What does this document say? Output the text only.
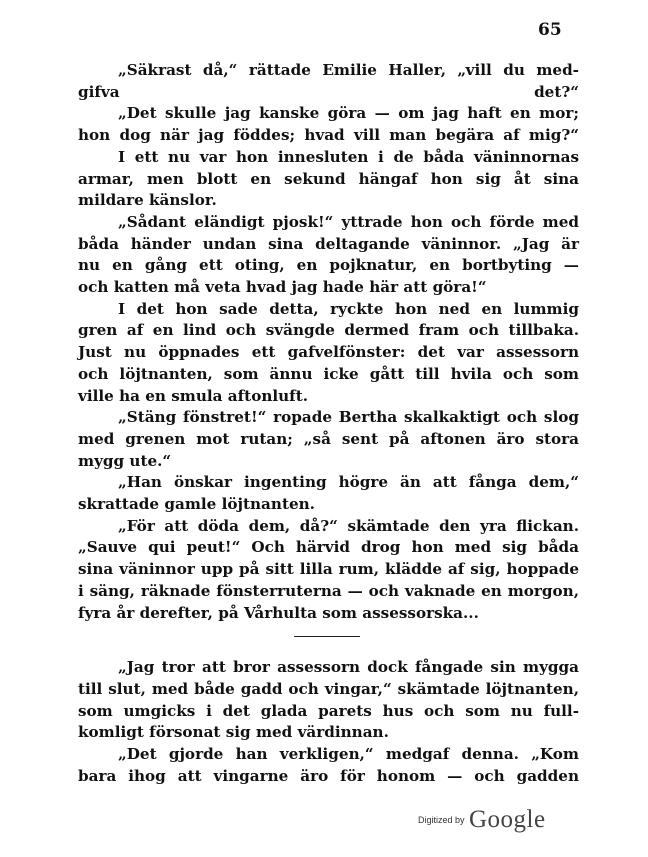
65
„Säkrast då,“ rättade Emilie Haller, „vill du med-
gifva det?“
„Det skulle jag kanske göra — om jag haft en mor;
hon dog när jag föddes; hvad vill man begära af mig?“
I ett nu var hon innesluten i de båda väninnornas
armar, men blott en sekund hängaf hon sig åt sina
mildare känslor.
„Sådant eländigt pjosk!“ yttrade hon och förde med
båda händer undan sina deltagande väninnor. „Jag är
nu en gång ett oting, en pojknatur, en bortbyting —
och katten må veta hvad jag hade här att göra!“
I det hon sade detta, ryckte hon ned en lummig
gren af en lind och svängde dermed fram och tillbaka.
Just nu öppnades ett gafvelfönster: det var assessorn
och löjtnanten, som ännu icke gått till hvila och som
ville ha en smula aftonluft.
„Stäng fönstret!“ ropade Bertha skalkaktigt och slog
med grenen mot rutan; „så sent på aftonen äro stora
mygg ute.“
„Han önskar ingenting högre än att fånga dem,“
skrattade gamle löjtnanten.
„För att döda dem, då?“ skämtade den yra flickan.
„Sauve qui peut!“ Och härvid drog hon med sig båda
sina väninnor upp på sitt lilla rum, klädde af sig, hoppade
i säng, räknade fönsterruterna — och vaknade en morgon,
fyra år derefter, på Vårhulta som assessorska...
„Jag tror att bror assessorn dock fångade sin mygga
till slut, med både gadd och vingar,“ skämtade löjtnanten,
som umgicks i det glada parets hus och som nu full-
komligt försonat sig med värdinnan.
„Det gjorde han verkligen,“ medgaf denna. „Kom
bara ihog att vingarne äro för honom — och gadden
Digitized by Google
